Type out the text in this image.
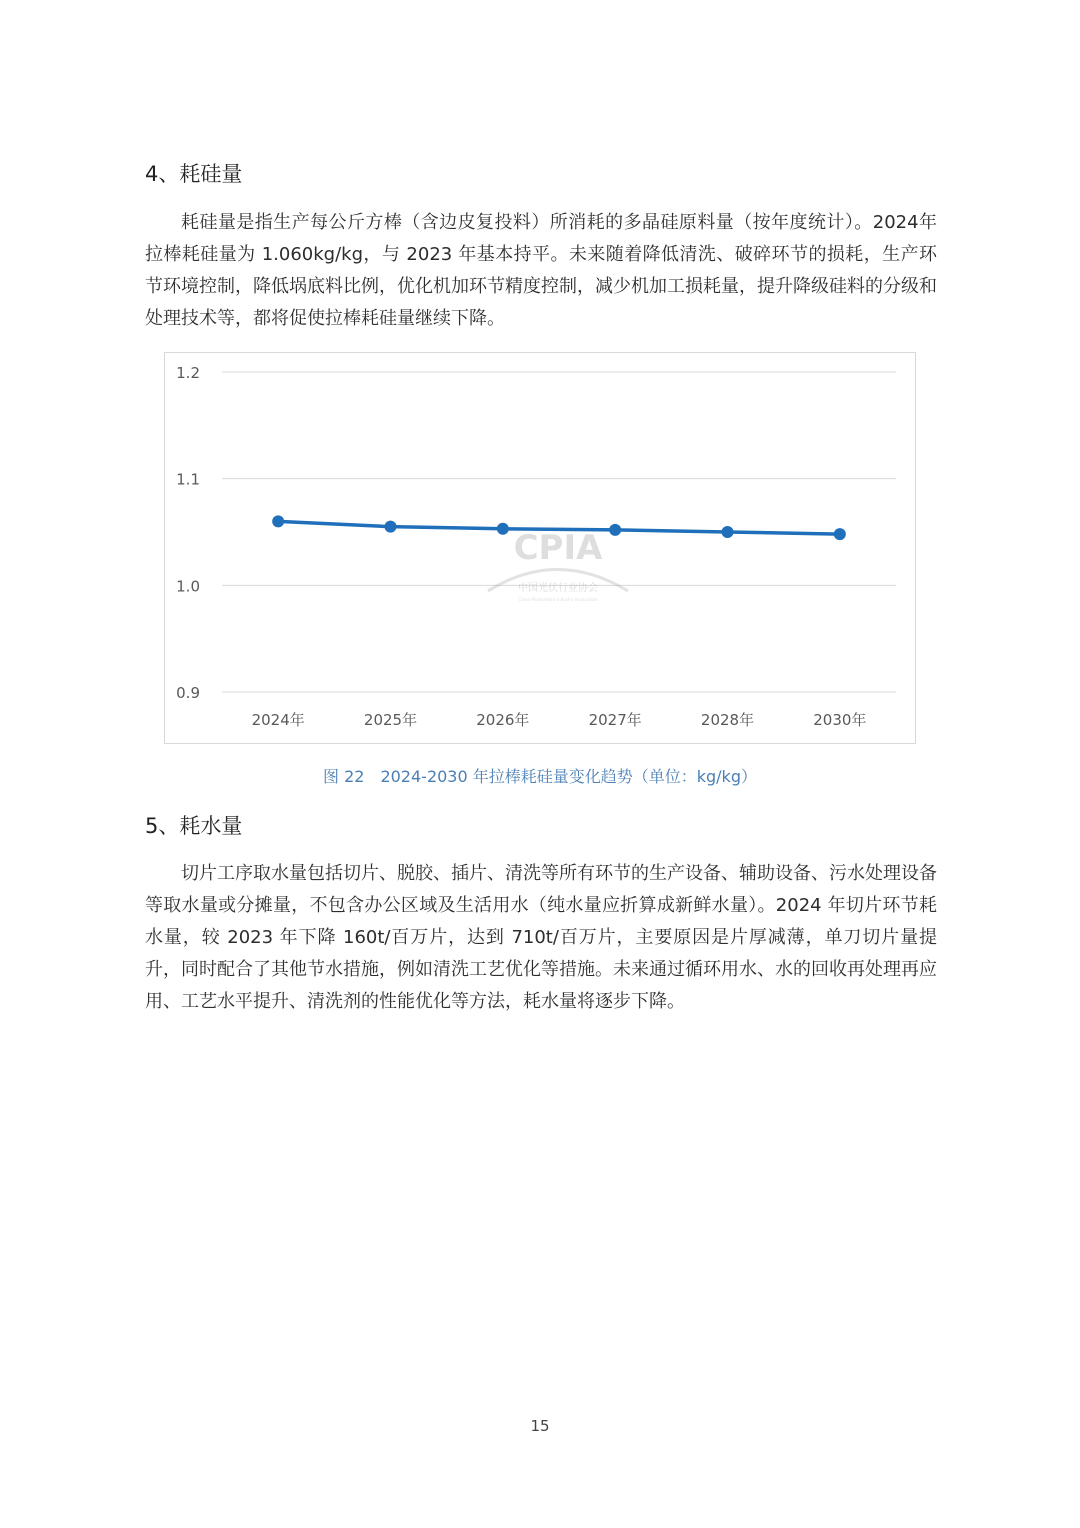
4、耗硅量

耗硅量是指生产每公斤方棒（含边皮复投料）所消耗的多晶硅原料量（按年度统计）。2024年拉棒耗硅量为 1.060kg/kg，与 2023 年基本持平。未来随着降低清洗、破碎环节的损耗，生产环节环境控制，降低埚底料比例，优化机加环节精度控制，减少机加工损耗量，提升降级硅料的分级和处理技术等，都将促使拉棒耗硅量继续下降。

CPIA
中国光伏行业协会
China Photovoltaic Industry Association
0.9
1.0
1.1
1.2
2024年	2025年	2026年	2027年	2028年	2030年
图 22　2024-2030 年拉棒耗硅量变化趋势（单位：kg/kg）
5、耗水量

切片工序取水量包括切片、脱胶、插片、清洗等所有环节的生产设备、辅助设备、污水处理设备等取水量或分摊量，不包含办公区域及生活用水（纯水量应折算成新鲜水量）。2024 年切片环节耗水量，较 2023 年下降 160t/百万片，达到 710t/百万片，主要原因是片厚减薄，单刀切片量提升，同时配合了其他节水措施，例如清洗工艺优化等措施。未来通过循环用水、水的回收再处理再应用、工艺水平提升、清洗剂的性能优化等方法，耗水量将逐步下降。

15
